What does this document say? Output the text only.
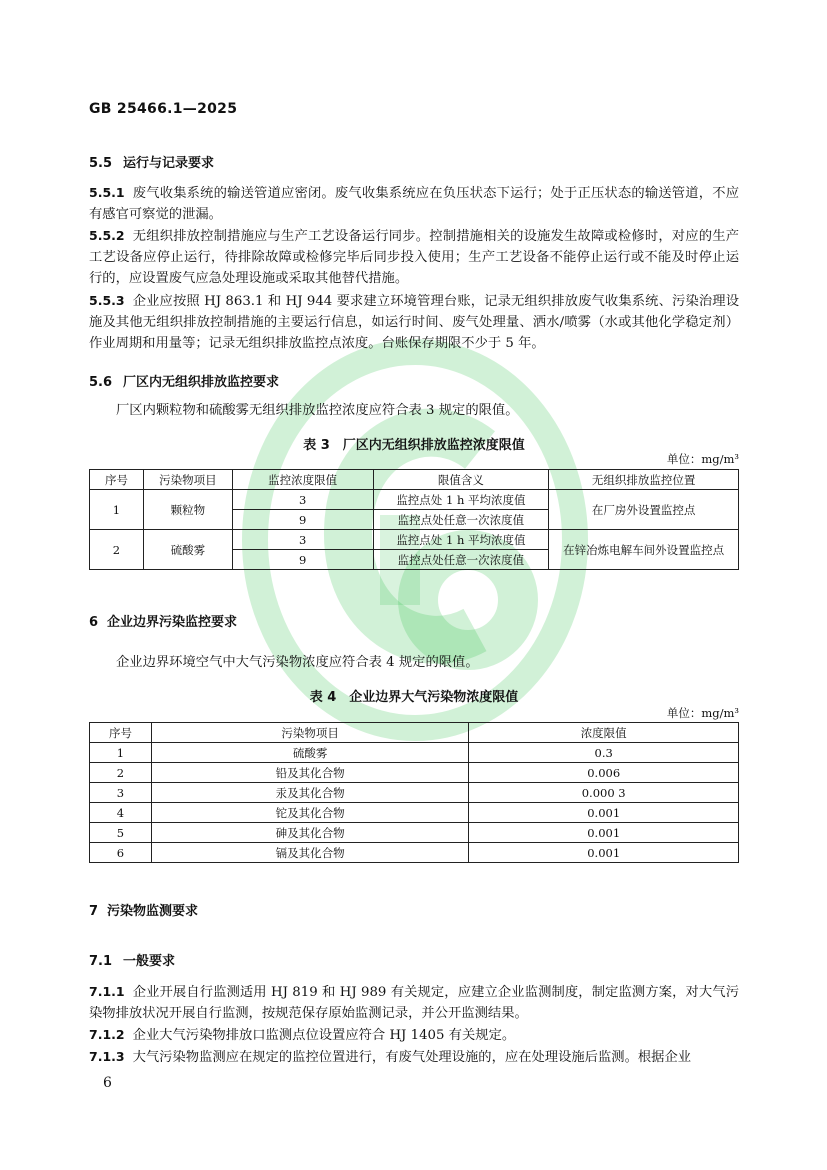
GB 25466.1—2025
5.5 运行与记录要求
5.5.1 废气收集系统的输送管道应密闭。废气收集系统应在负压状态下运行；处于正压状态的输送管道，不应有感官可察觉的泄漏。
5.5.2 无组织排放控制措施应与生产工艺设备运行同步。控制措施相关的设施发生故障或检修时，对应的生产工艺设备应停止运行，待排除故障或检修完毕后同步投入使用；生产工艺设备不能停止运行或不能及时停止运行的，应设置废气应急处理设施或采取其他替代措施。
5.5.3 企业应按照 HJ 863.1 和 HJ 944 要求建立环境管理台账，记录无组织排放废气收集系统、污染治理设施及其他无组织排放控制措施的主要运行信息，如运行时间、废气处理量、洒水/喷雾（水或其他化学稳定剂）作业周期和用量等；记录无组织排放监控点浓度。台账保存期限不少于 5 年。
5.6 厂区内无组织排放监控要求
厂区内颗粒物和硫酸雾无组织排放监控浓度应符合表 3 规定的限值。
表 3　厂区内无组织排放监控浓度限值
单位：mg/m³
序号	污染物项目	监控浓度限值	限值含义	无组织排放监控位置
1	颗粒物	3	监控点处 1 h 平均浓度值	在厂房外设置监控点
		9	监控点处任意一次浓度值	
2	硫酸雾	3	监控点处 1 h 平均浓度值	在锌冶炼电解车间外设置监控点
		9	监控点处任意一次浓度值	
6 企业边界污染监控要求
企业边界环境空气中大气污染物浓度应符合表 4 规定的限值。
表 4　企业边界大气污染物浓度限值
单位：mg/m³
序号	污染物项目	浓度限值
1	硫酸雾	0.3
2	铅及其化合物	0.006
3	汞及其化合物	0.000 3
4	铊及其化合物	0.001
5	砷及其化合物	0.001
6	镉及其化合物	0.001
7 污染物监测要求
7.1 一般要求
7.1.1 企业开展自行监测适用 HJ 819 和 HJ 989 有关规定，应建立企业监测制度，制定监测方案，对大气污染物排放状况开展自行监测，按规范保存原始监测记录，并公开监测结果。
7.1.2 企业大气污染物排放口监测点位设置应符合 HJ 1405 有关规定。
7.1.3 大气污染物监测应在规定的监控位置进行，有废气处理设施的，应在处理设施后监测。根据企业
6
